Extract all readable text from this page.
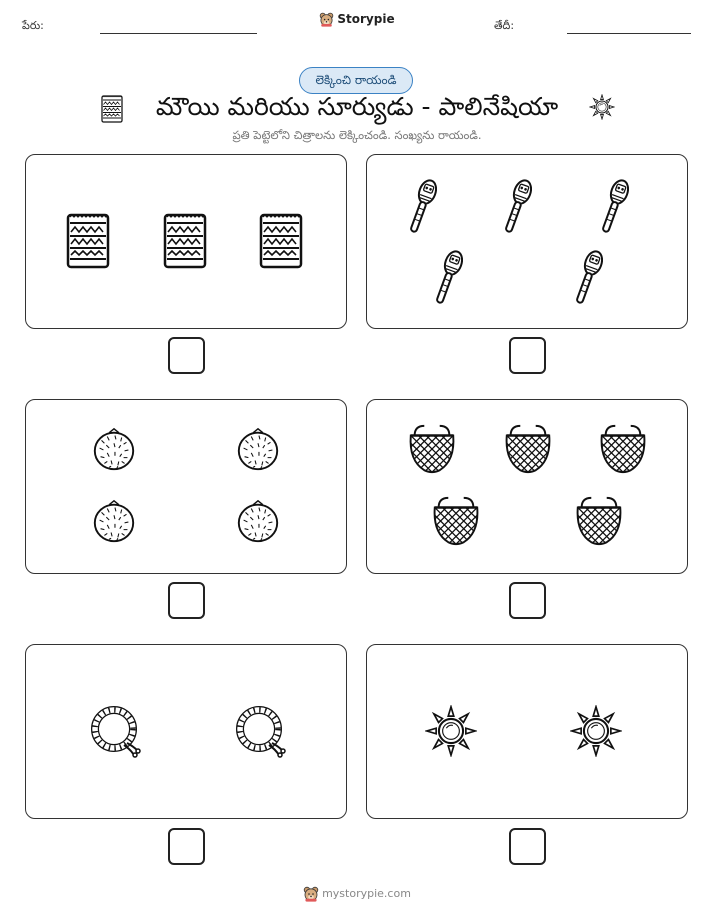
పేరు:	Storypie	తేదీ:
లెక్కించి రాయండి
మౌయి మరియు సూర్యుడు - పాలినేషియా
ప్రతి పెట్టెలోని చిత్రాలను లెక్కించండి. సంఖ్యను రాయండి.
mystorypie.com
